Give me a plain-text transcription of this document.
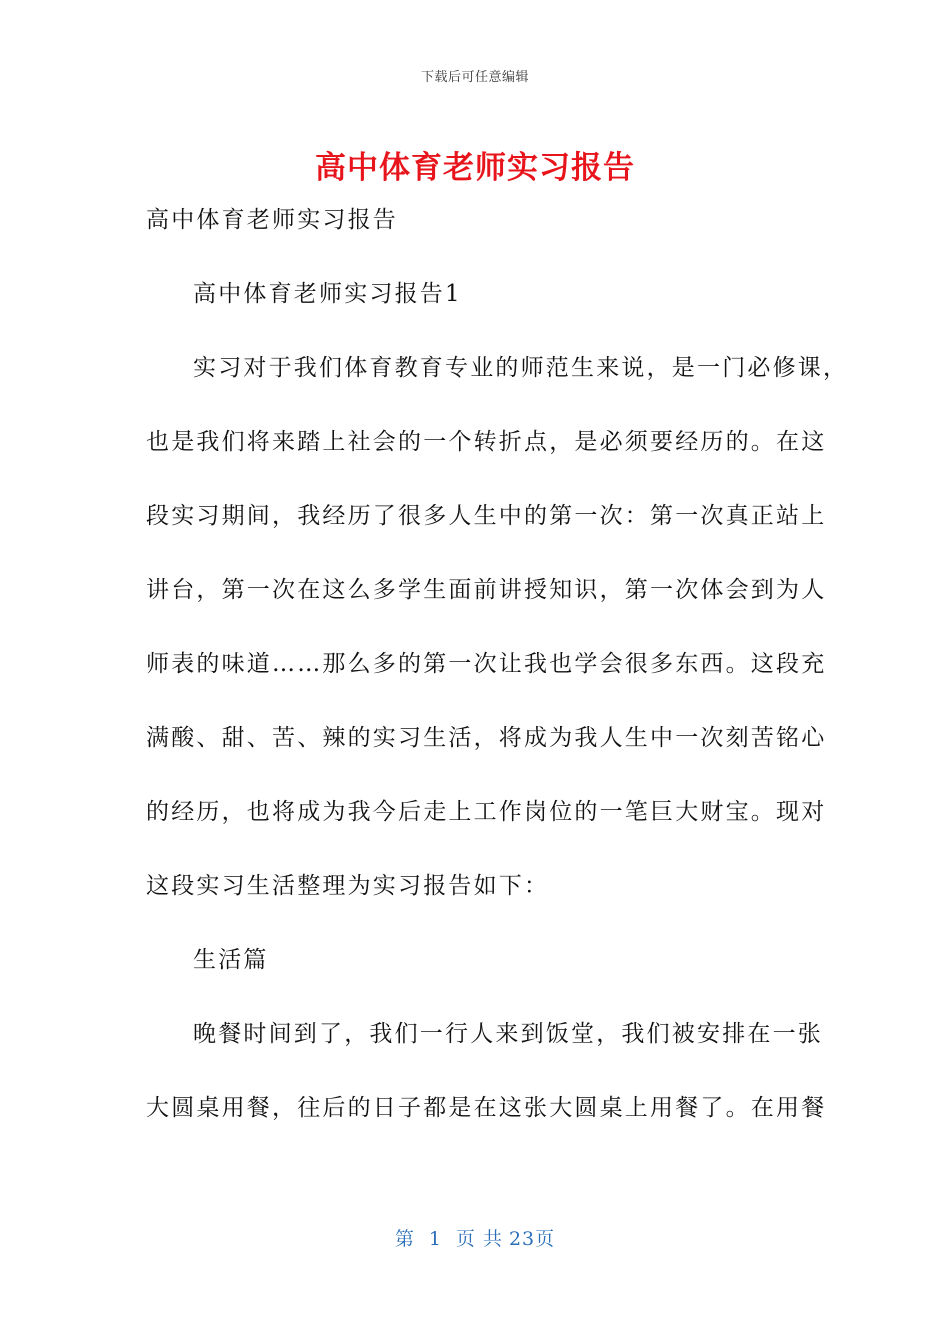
下载后可任意编辑
高中体育老师实习报告

高中体育老师实习报告

高中体育老师实习报告1

实习对于我们体育教育专业的师范生来说，是一门必修课，

也是我们将来踏上社会的一个转折点，是必须要经历的。在这

段实习期间，我经历了很多人生中的第一次：第一次真正站上

讲台，第一次在这么多学生面前讲授知识，第一次体会到为人

师表的味道……那么多的第一次让我也学会很多东西。这段充

满酸、甜、苦、辣的实习生活，将成为我人生中一次刻苦铭心

的经历，也将成为我今后走上工作岗位的一笔巨大财宝。现对

这段实习生活整理为实习报告如下：

生活篇

晚餐时间到了，我们一行人来到饭堂，我们被安排在一张

大圆桌用餐，往后的日子都是在这张大圆桌上用餐了。在用餐

第 1 页 共 23页
